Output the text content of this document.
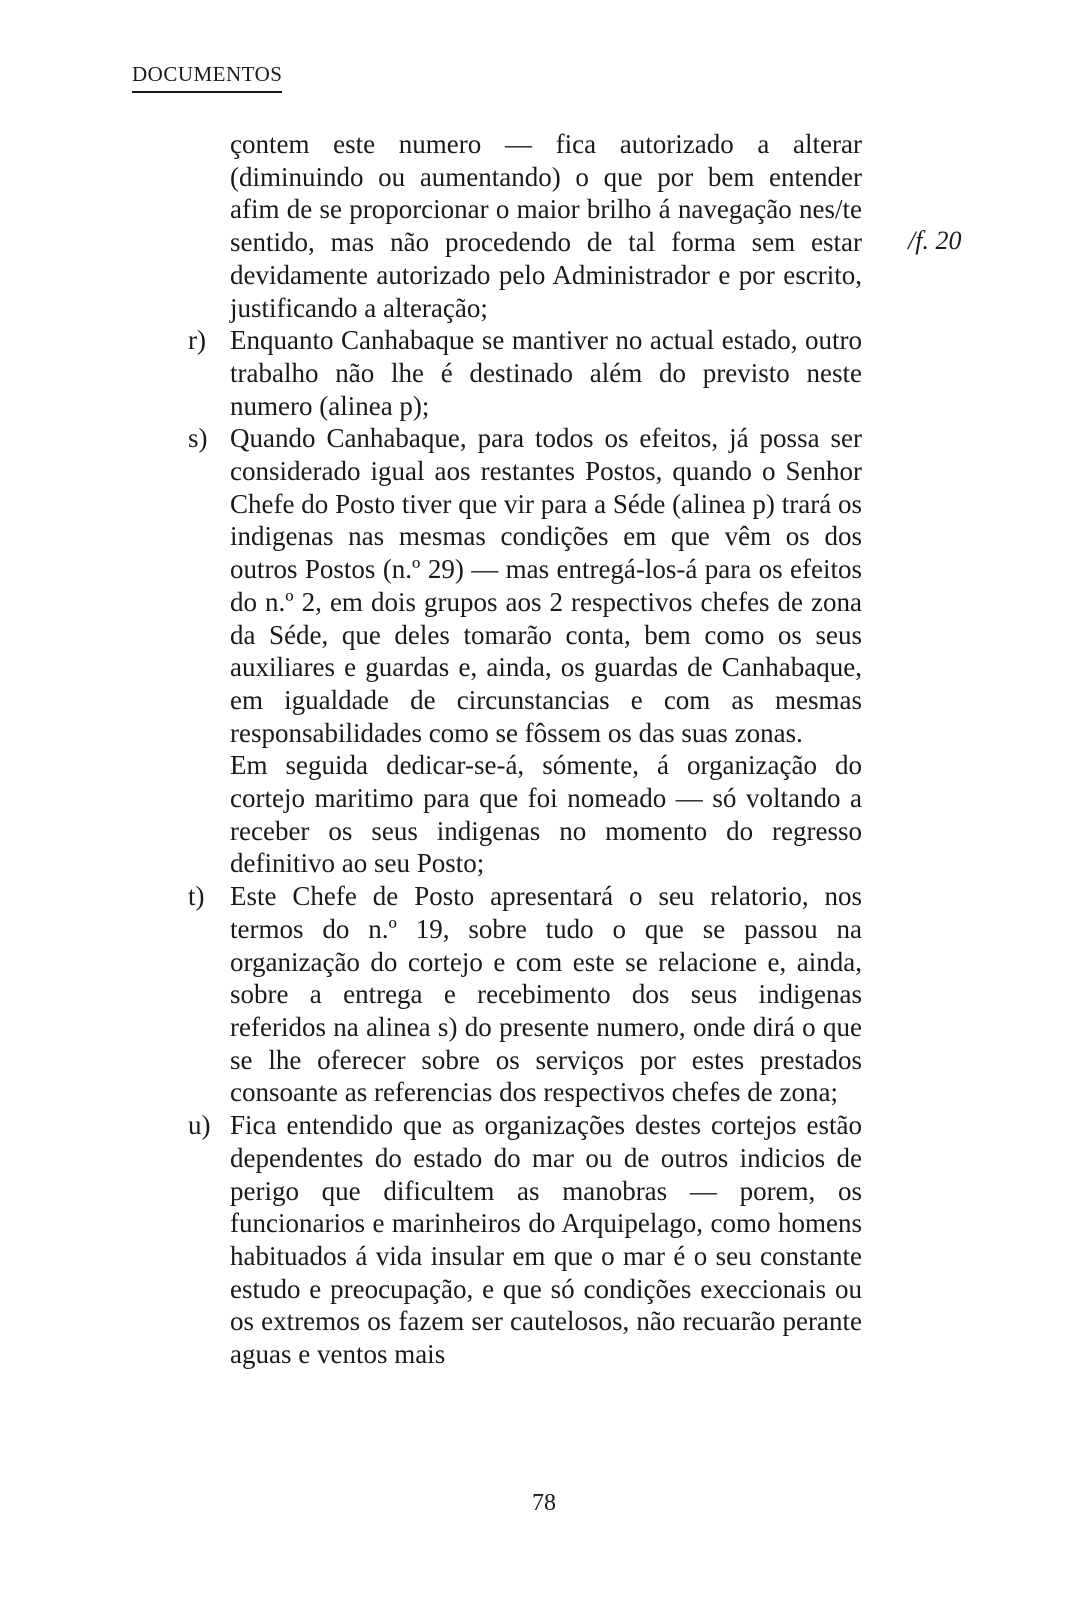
DOCUMENTOS
/f. 20

çontem este numero — fica autorizado a alterar (diminuindo ou aumentando) o que por bem entender afim de se proporcionar o maior brilho á navegação nes/te sentido, mas não procedendo de tal forma sem estar devidamente autorizado pelo Administrador e por escrito, justificando a alteração;

r) Enquanto Canhabaque se mantiver no actual estado, outro trabalho não lhe é destinado além do previsto neste numero (alinea p);

s) Quando Canhabaque, para todos os efeitos, já possa ser considerado igual aos restantes Postos, quando o Senhor Chefe do Posto tiver que vir para a Séde (alinea p) trará os indigenas nas mesmas condições em que vêm os dos outros Postos (n.º 29) — mas entregá-los-á para os efeitos do n.º 2, em dois grupos aos 2 respectivos chefes de zona da Séde, que deles tomarão conta, bem como os seus auxiliares e guardas e, ainda, os guardas de Canhabaque, em igualdade de circunstancias e com as mesmas responsabilidades como se fôssem os das suas zonas.

Em seguida dedicar-se-á, sómente, á organização do cortejo maritimo para que foi nomeado — só voltando a receber os seus indigenas no momento do regresso definitivo ao seu Posto;

t) Este Chefe de Posto apresentará o seu relatorio, nos termos do n.º 19, sobre tudo o que se passou na organização do cortejo e com este se relacione e, ainda, sobre a entrega e recebimento dos seus indigenas referidos na alinea s) do presente numero, onde dirá o que se lhe oferecer sobre os serviços por estes prestados consoante as referencias dos respectivos chefes de zona;

u) Fica entendido que as organizações destes cortejos estão dependentes do estado do mar ou de outros indicios de perigo que dificultem as manobras — porem, os funcionarios e marinheiros do Arquipelago, como homens habituados á vida insular em que o mar é o seu constante estudo e preocupação, e que só condições execcionais ou os extremos os fazem ser cautelosos, não recuarão perante aguas e ventos mais

78
